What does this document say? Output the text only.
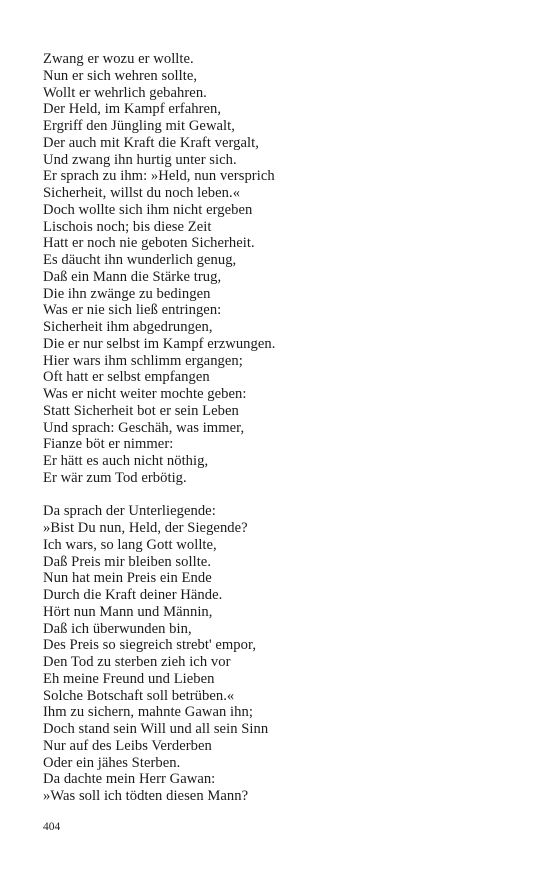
Zwang er wozu er wollte.
Nun er sich wehren sollte,
Wollt er wehrlich gebahren.
Der Held, im Kampf erfahren,
Ergriff den Jüngling mit Gewalt,
Der auch mit Kraft die Kraft vergalt,
Und zwang ihn hurtig unter sich.
Er sprach zu ihm: »Held, nun versprich
Sicherheit, willst du noch leben.«
Doch wollte sich ihm nicht ergeben
Lischois noch; bis diese Zeit
Hatt er noch nie geboten Sicherheit.
Es däucht ihn wunderlich genug,
Daß ein Mann die Stärke trug,
Die ihn zwänge zu bedingen
Was er nie sich ließ entringen:
Sicherheit ihm abgedrungen,
Die er nur selbst im Kampf erzwungen.
Hier wars ihm schlimm ergangen;
Oft hatt er selbst empfangen
Was er nicht weiter mochte geben:
Statt Sicherheit bot er sein Leben
Und sprach: Geschäh, was immer,
Fianze böt er nimmer:
Er hätt es auch nicht nöthig,
Er wär zum Tod erbötig.
Da sprach der Unterliegende:
»Bist Du nun, Held, der Siegende?
Ich wars, so lang Gott wollte,
Daß Preis mir bleiben sollte.
Nun hat mein Preis ein Ende
Durch die Kraft deiner Hände.
Hört nun Mann und Männin,
Daß ich überwunden bin,
Des Preis so siegreich strebt' empor,
Den Tod zu sterben zieh ich vor
Eh meine Freund und Lieben
Solche Botschaft soll betrüben.«
Ihm zu sichern, mahnte Gawan ihn;
Doch stand sein Will und all sein Sinn
Nur auf des Leibs Verderben
Oder ein jähes Sterben.
Da dachte mein Herr Gawan:
»Was soll ich tödten diesen Mann?
404
